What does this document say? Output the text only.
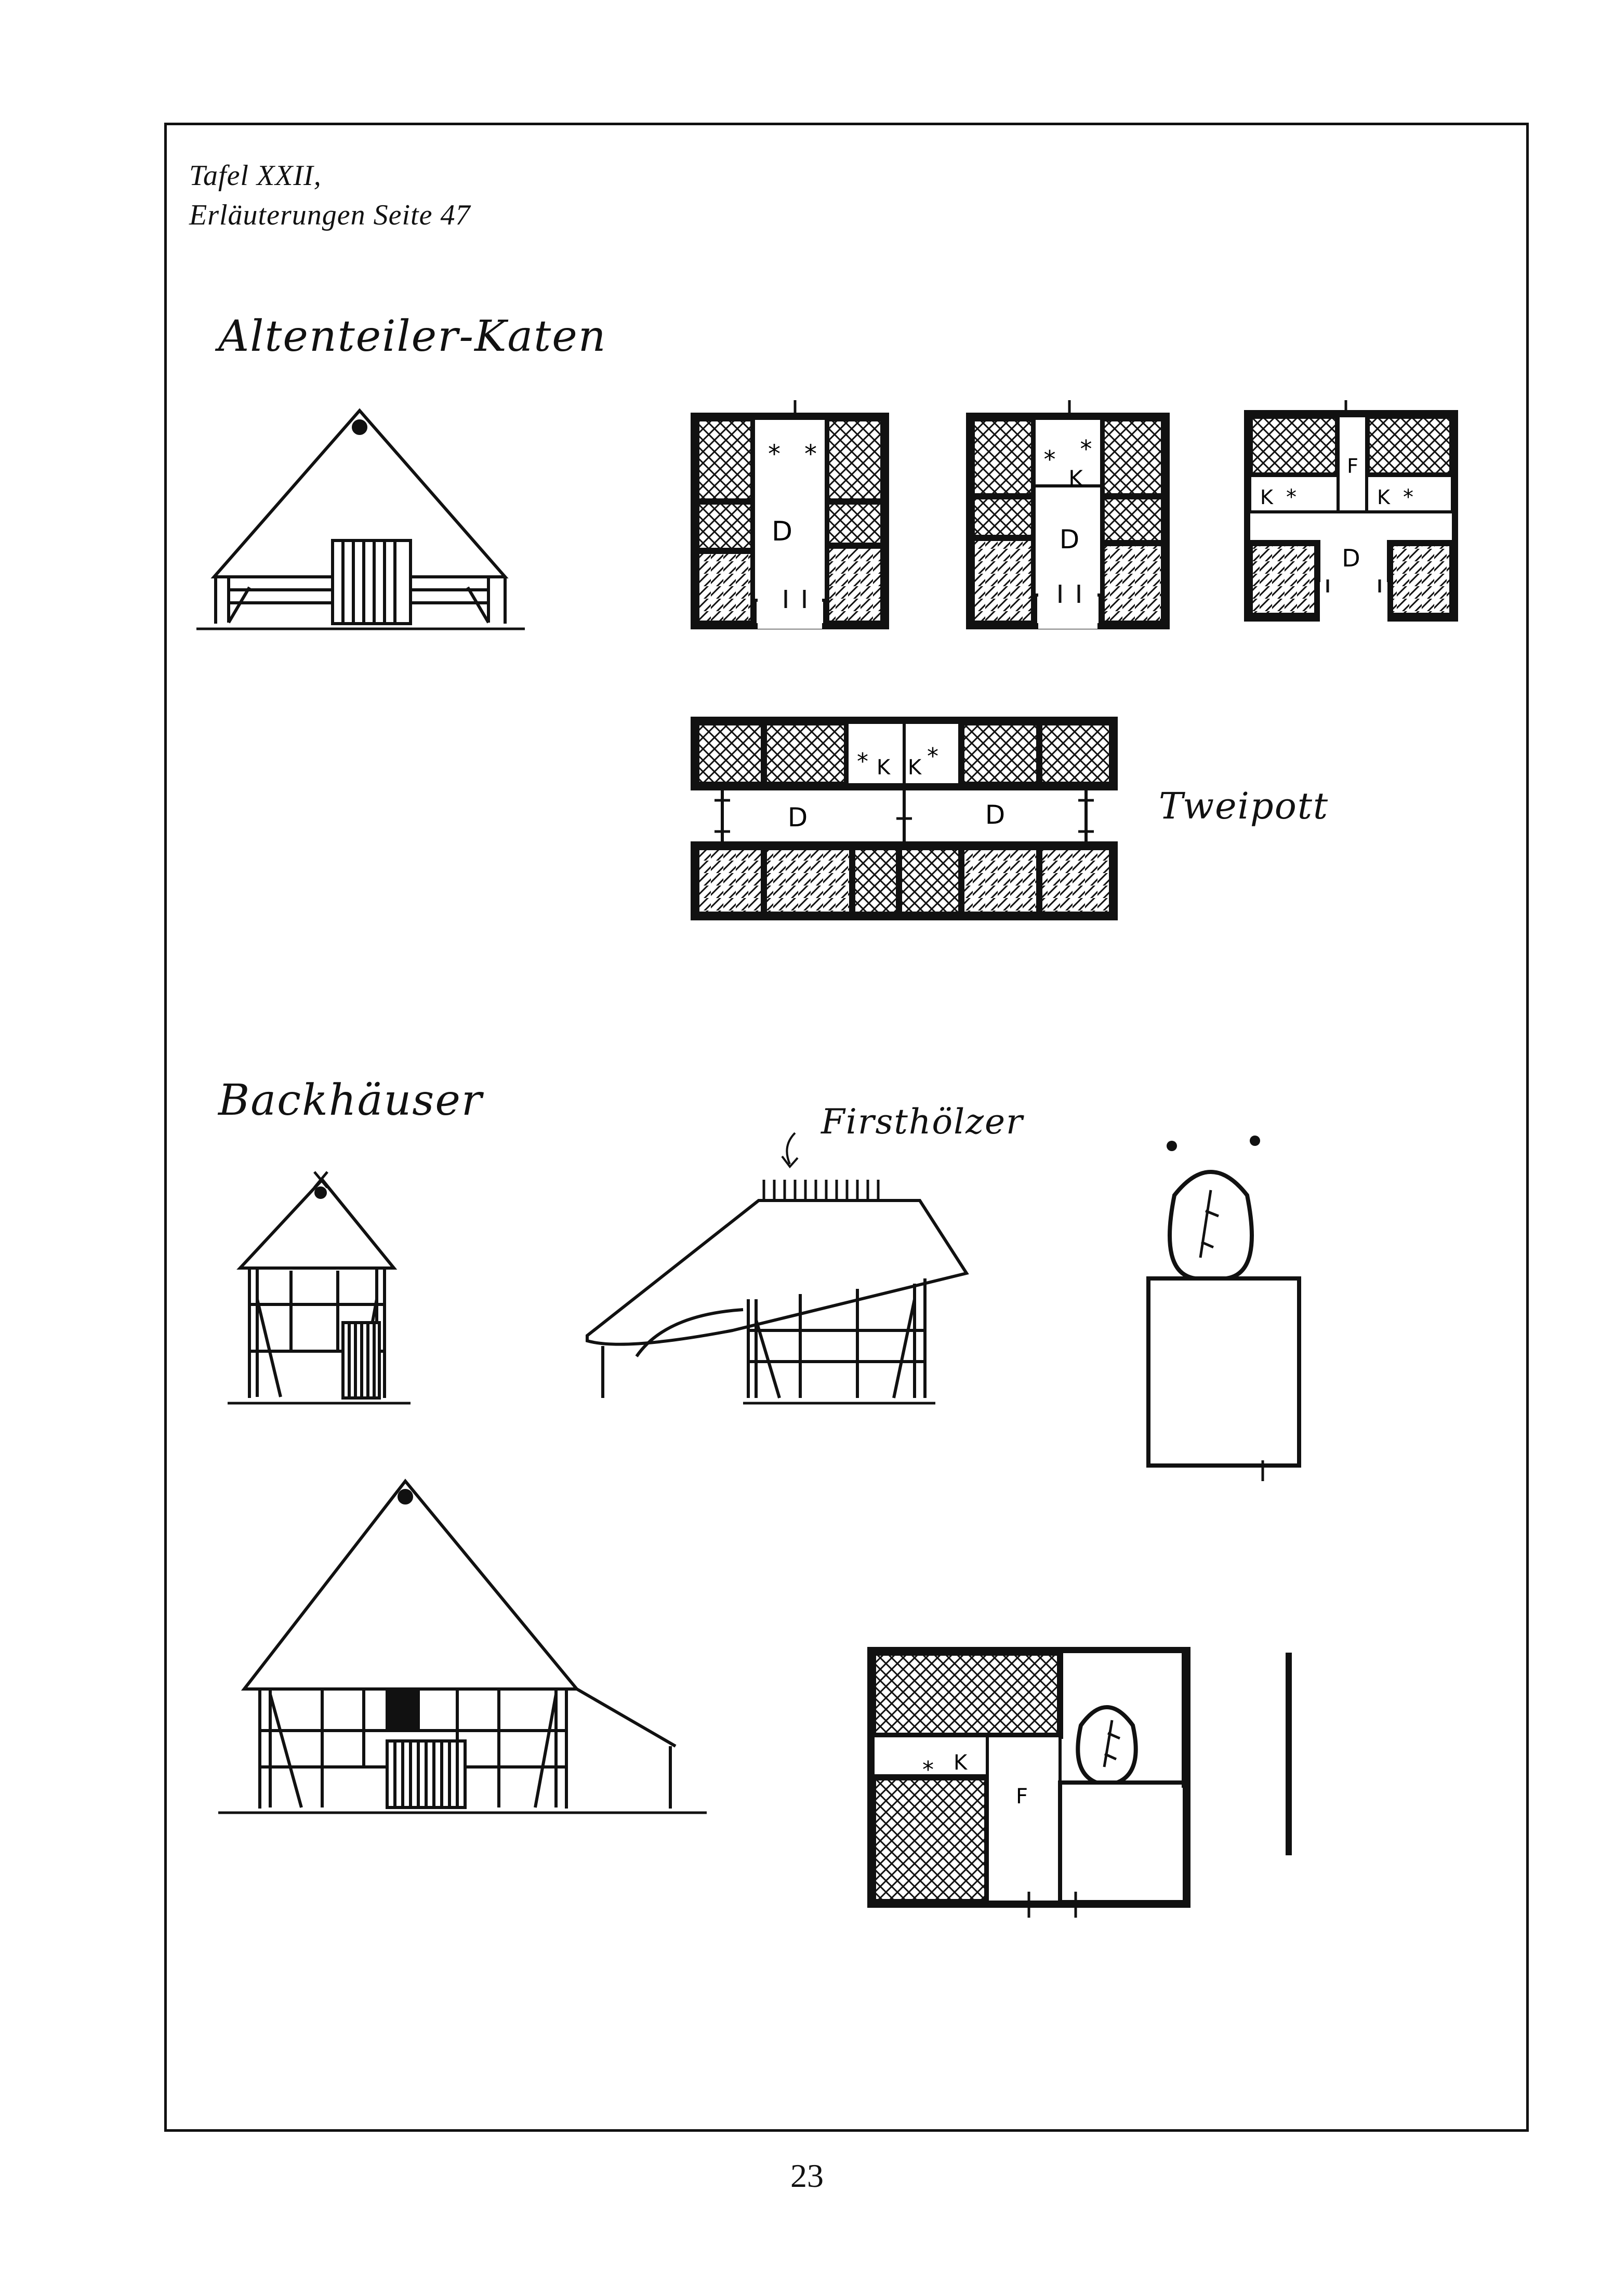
Tafel XXII,
Erläuterungen Seite 47
Altenteiler-Katen
Tweipott
Backhäuser	Firsthölzer
D
* *
D
K
* *
F
K *	K *
D
D	D
* K K *
K
*
F
23
